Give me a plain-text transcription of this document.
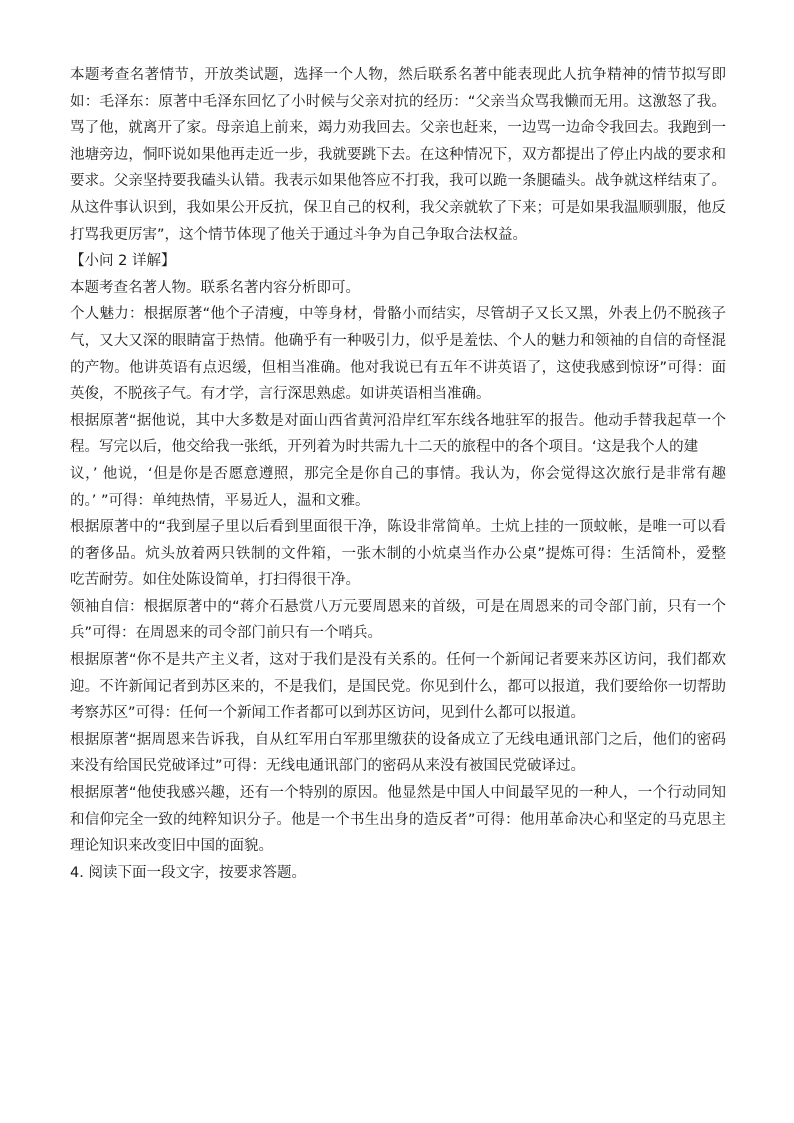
本题考查名著情节，开放类试题，选择一个人物，然后联系名著中能表现此人抗争精神的情节拟写即
如：毛泽东：原著中毛泽东回忆了小时候与父亲对抗的经历：“父亲当众骂我懒而无用。这激怒了我。
骂了他，就离开了家。母亲追上前来，竭力劝我回去。父亲也赶来，一边骂一边命令我回去。我跑到一
池塘旁边，恫吓说如果他再走近一步，我就要跳下去。在这种情况下，双方都提出了停止内战的要求和
要求。父亲坚持要我磕头认错。我表示如果他答应不打我，我可以跪一条腿磕头。战争就这样结束了。
从这件事认识到，我如果公开反抗，保卫自己的权利，我父亲就软了下来；可是如果我温顺驯服，他反
打骂我更厉害”，这个情节体现了他关于通过斗争为自己争取合法权益。
【小问 2 详解】
本题考查名著人物。联系名著内容分析即可。
个人魅力：根据原著“他个子清瘦，中等身材，骨骼小而结实，尽管胡子又长又黑，外表上仍不脱孩子
气，又大又深的眼睛富于热情。他确乎有一种吸引力，似乎是羞怯、个人的魅力和领袖的自信的奇怪混
的产物。他讲英语有点迟缓，但相当准确。他对我说已有五年不讲英语了，这使我感到惊讶”可得：面
英俊，不脱孩子气。有才学，言行深思熟虑。如讲英语相当准确。
根据原著“据他说，其中大多数是对面山西省黄河沿岸红军东线各地驻军的报告。他动手替我起草一个
程。写完以后，他交给我一张纸，开列着为时共需九十二天的旅程中的各个项目。‘这是我个人的建
议，’ 他说，‘但是你是否愿意遵照，那完全是你自己的事情。我认为，你会觉得这次旅行是非常有趣
的。’ ”可得：单纯热情，平易近人，温和文雅。
根据原著中的“我到屋子里以后看到里面很干净，陈设非常简单。土炕上挂的一顶蚊帐，是唯一可以看
的奢侈品。炕头放着两只铁制的文件箱，一张木制的小炕桌当作办公桌”提炼可得：生活简朴，爱整
吃苦耐劳。如住处陈设简单，打扫得很干净。
领袖自信：根据原著中的“蒋介石悬赏八万元要周恩来的首级，可是在周恩来的司令部门前，只有一个
兵”可得：在周恩来的司令部门前只有一个哨兵。
根据原著“你不是共产主义者，这对于我们是没有关系的。任何一个新闻记者要来苏区访问，我们都欢
迎。不许新闻记者到苏区来的，不是我们，是国民党。你见到什么，都可以报道，我们要给你一切帮助
考察苏区”可得：任何一个新闻工作者都可以到苏区访问，见到什么都可以报道。
根据原著“据周恩来告诉我，自从红军用白军那里缴获的设备成立了无线电通讯部门之后，他们的密码
来没有给国民党破译过”可得：无线电通讯部门的密码从来没有被国民党破译过。
根据原著“他使我感兴趣，还有一个特别的原因。他显然是中国人中间最罕见的一种人，一个行动同知
和信仰完全一致的纯粹知识分子。他是一个书生出身的造反者”可得：他用革命决心和坚定的马克思主
理论知识来改变旧中国的面貌。
4. 阅读下面一段文字，按要求答题。
